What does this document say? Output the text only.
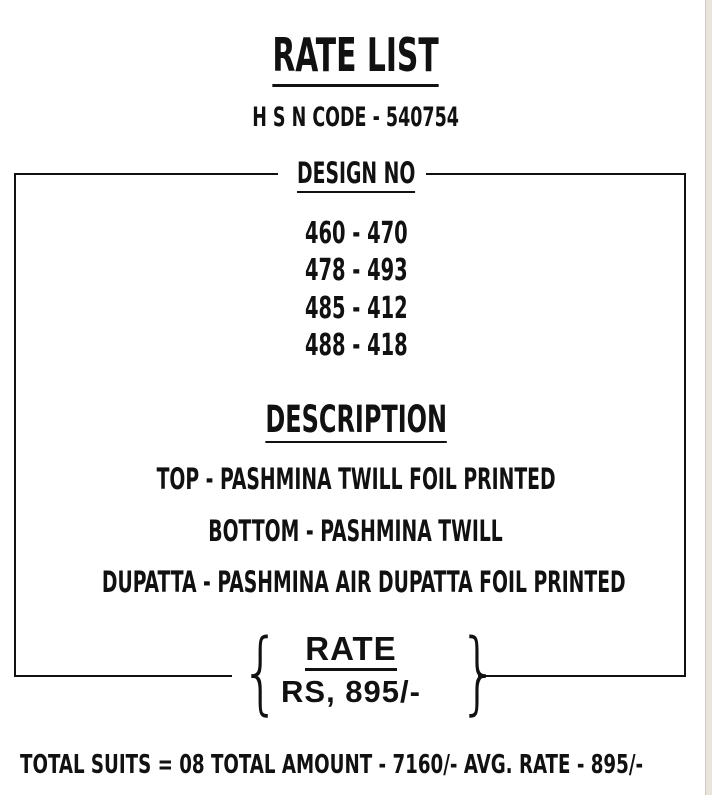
RATE LIST
H S N CODE - 540754
DESIGN NO
460 - 470
478 - 493
485 - 412
488 - 418
DESCRIPTION
TOP - PASHMINA TWILL FOIL PRINTED
BOTTOM - PASHMINA TWILL
DUPATTA - PASHMINA AIR DUPATTA FOIL PRINTED
{ }
RATE
RS, 895/-
TOTAL SUITS = 08 TOTAL AMOUNT - 7160/- AVG. RATE - 895/-
